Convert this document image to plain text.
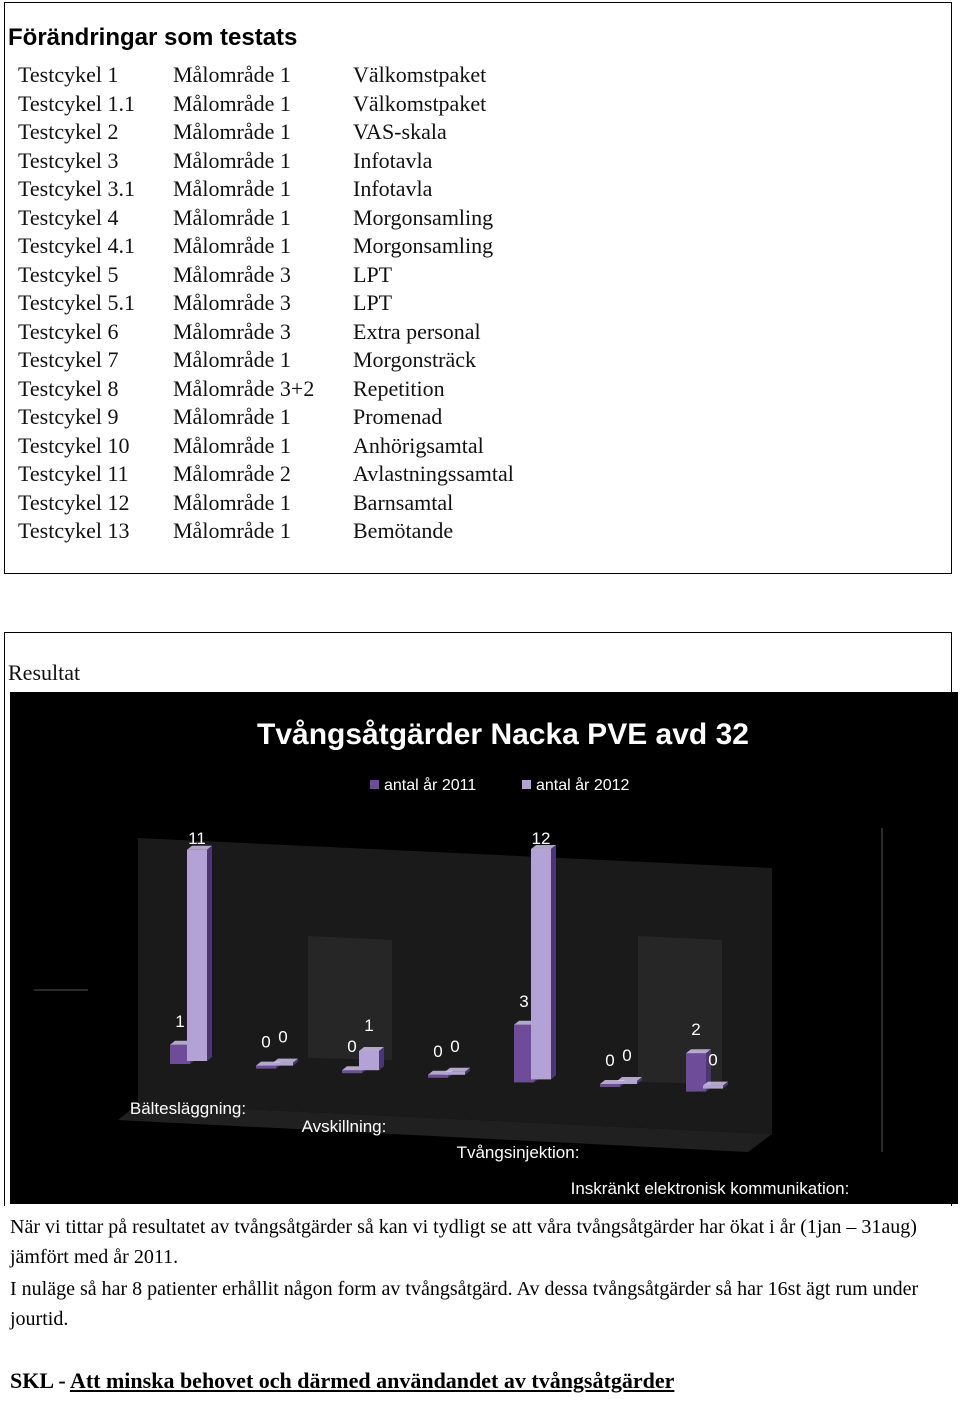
Förändringar som testats
Testcykel 1 Målområde 1	Välkomstpaket
Testcykel 1.1 Målområde 1	Välkomstpaket
Testcykel 2 Målområde 1	VAS-skala
Testcykel 3 Målområde 1	Infotavla
Testcykel 3.1 Målområde 1	Infotavla
Testcykel 4 Målområde 1	Morgonsamling
Testcykel 4.1 Målområde 1	Morgonsamling
Testcykel 5 Målområde 3	LPT
Testcykel 5.1 Målområde 3	LPT
Testcykel 6 Målområde 3	Extra personal
Testcykel 7 Målområde 1	Morgonsträck
Testcykel 8 Målområde 3+2 Repetition
Testcykel 9 Målområde 1	Promenad
Testcykel 10 Målområde 1	Anhörigsamtal
Testcykel 11 Målområde 2	Avlastningssamtal
Testcykel 12 Målområde 1	Barnsamtal
Testcykel 13 Målområde 1	Bemötande

Resultat

Tvångsåtgärder Nacka PVE avd 32
antal år 2011	antal år 2012
1
11
0 0
0
1
0 0
3
12
0 0
2
0
Bältesläggning:
Avskillning:
Tvångsinjektion:
Inskränkt elektronisk kommunikation:

När vi tittar på resultatet av tvångsåtgärder så kan vi tydligt se att våra tvångsåtgärder har ökat i år (1jan – 31aug) jämfört med år 2011.

I nuläge så har 8 patienter erhållit någon form av tvångsåtgärd. Av dessa tvångsåtgärder så har 16st ägt rum under jourtid.

SKL - Att minska behovet och därmed användandet av tvångsåtgärder
